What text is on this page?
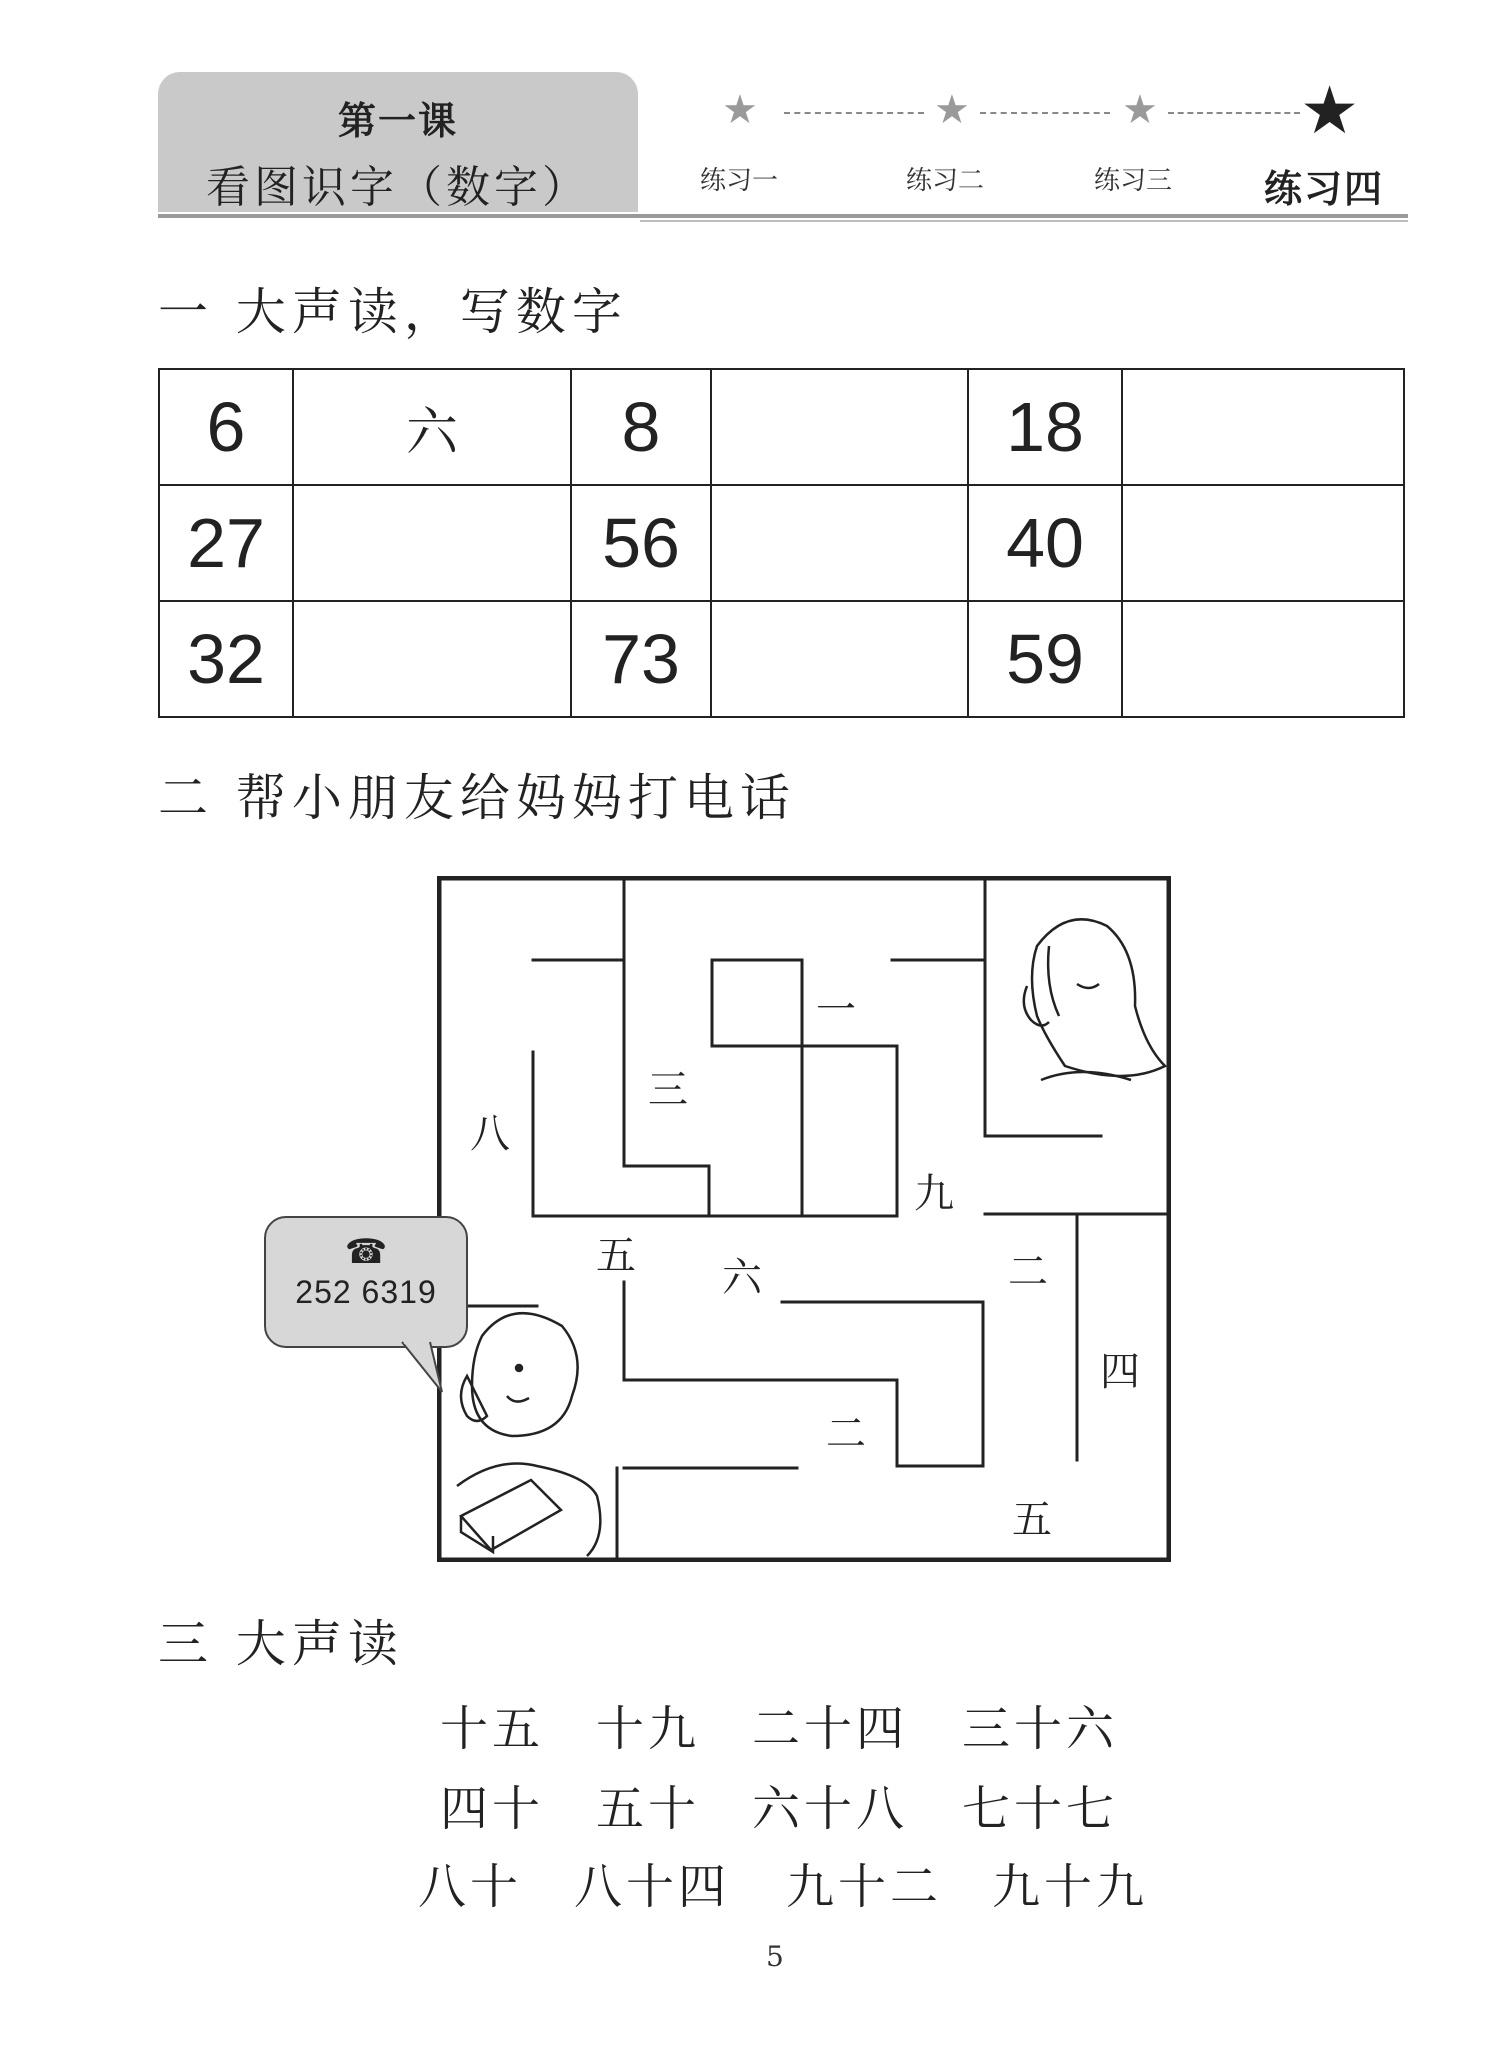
第一课
看图识字（数字）
★	★	★ ★
练习一	练习二	练习三 练习四
一 大声读，写数字
6	六	8		18	
27		56		40	
32		73		59	
二 帮小朋友给妈妈打电话
一
三
八
九
五 六	二
四
二
五
☎
252 6319
三 大声读
十五 十九 二十四 三十六
四十 五十 六十八 七十七
八十 八十四 九十二 九十九
5
